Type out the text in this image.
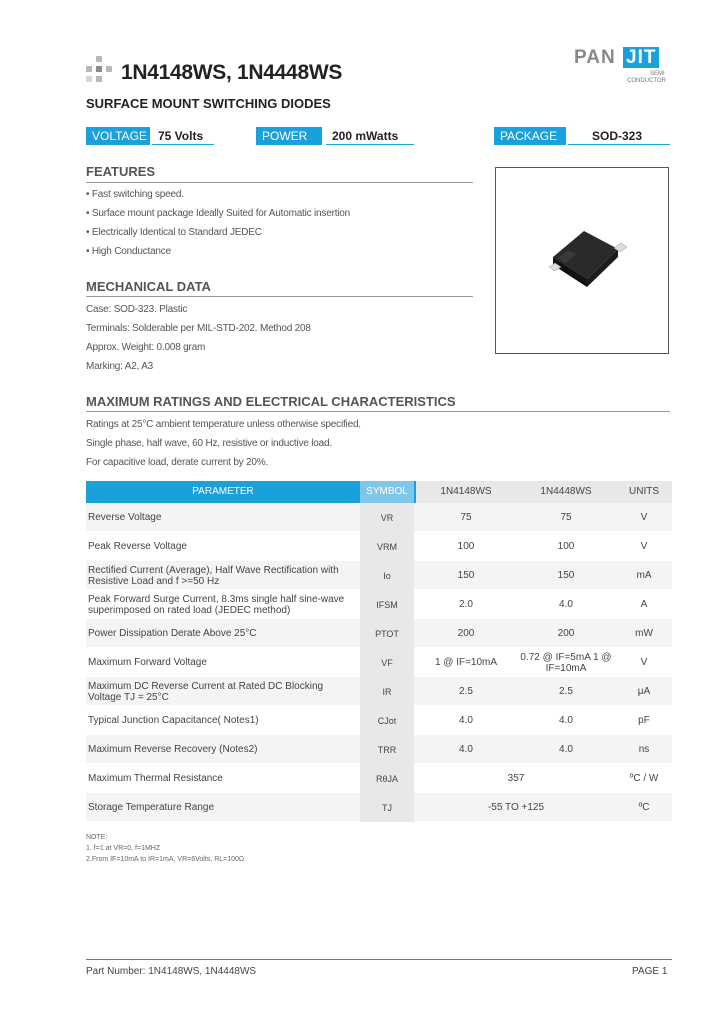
1N4148WS, 1N4448WS
PAN JIT
SEMI
CONDUCTOR
SURFACE MOUNT SWITCHING DIODES
VOLTAGE 75 Volts	POWER	200 mWatts	PACKAGE	SOD-323
FEATURES
• Fast switching speed.
• Surface mount package Ideally Suited for Automatic insertion
• Electrically Identical to Standard JEDEC
• High Conductance
MECHANICAL DATA
Case: SOD-323. Plastic
Terminals: Solderable per MIL-STD-202. Method 208
Approx. Weight: 0.008 gram
Marking: A2, A3
MAXIMUM RATINGS AND ELECTRICAL CHARACTERISTICS
Ratings at 25°C ambient temperature unless otherwise specified.
Single phase, half wave, 60 Hz, resistive or inductive load.
For capacitive load, derate current by 20%.
PARAMETER	SYMBOL	1N4148WS	1N4448WS	UNITS
Reverse Voltage	VR	75	75	V
Peak Reverse Voltage	VRM	100	100	V
Rectified Current (Average), Half Wave Rectification with Resistive Load and f >=50 Hz	Io	150	150	mA
Peak Forward Surge Current, 8.3ms single half sine-wave superimposed on rated load (JEDEC method)	IFSM	2.0	4.0	A
Power Dissipation Derate Above 25°C	PTOT	200	200	mW
Maximum Forward Voltage	VF	1 @ IF=10mA	0.72 @ IF=5mA 1 @ IF=10mA	V
Maximum DC Reverse Current at Rated DC Blocking Voltage TJ = 25°C	IR	2.5	2.5	μA
Typical Junction Capacitance( Notes1)	CJot	4.0	4.0	pF
Maximum Reverse Recovery (Notes2)	TRR	4.0	4.0	ns
Maximum Thermal Resistance	RθJA	357	ºC / W
Storage Temperature Range	TJ	-55 TO +125	ºC
NOTE:
1. f=1 at VR=0, f=1MHZ
2.From IF=10mA to IR=1mA, VR=6Volts, RL=100Ω
Part Number: 1N4148WS, 1N4448WS	PAGE 1
